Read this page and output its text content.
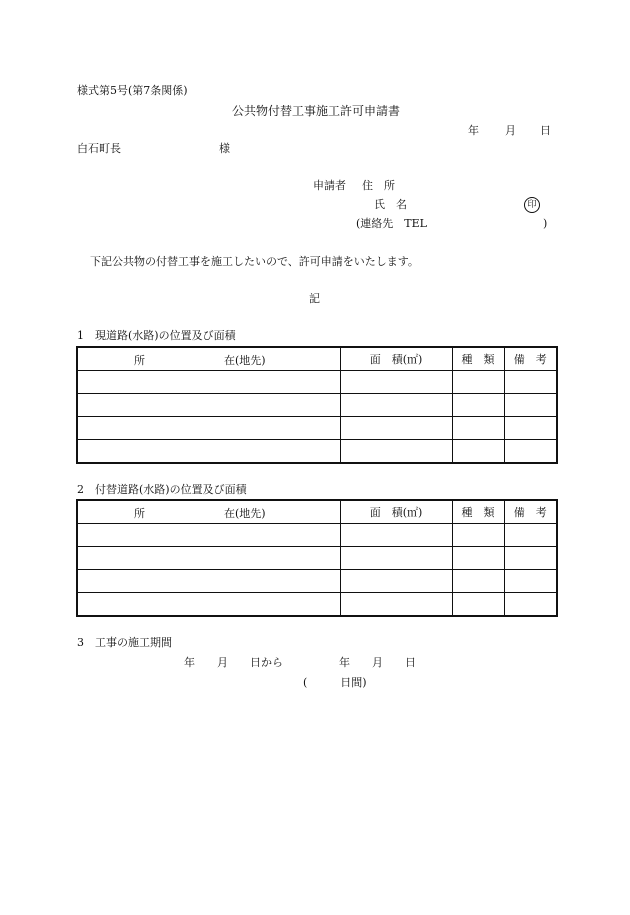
様式第5号(第7条関係)
公共物付替工事施工許可申請書
年 月 日
白石町長	様
申請者 住　所
氏　名	印
(連絡先　TEL	)
下記公共物の付替工事を施工したいので、許可申請をいたします。
記
1　現道路(水路)の位置及び面積
所 在(地先)	面　積(㎡)	種　類	備　考

2　付替道路(水路)の位置及び面積
所 在(地先)	面　積(㎡)	種　類	備　考

3　工事の施工期間
年　　月　　日から	年　　月　　日
(　　　日間)
